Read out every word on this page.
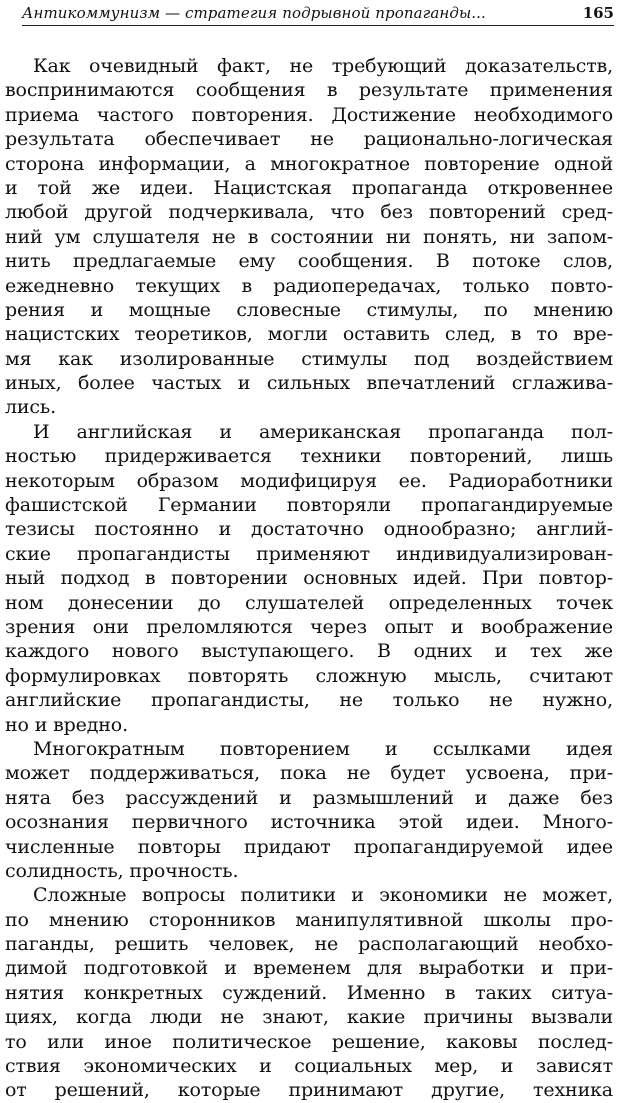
Антикоммунизм — стратегия подрывной пропаганды...	165
Как очевидный факт, не требующий доказательств,
воспринимаются сообщения в результате применения
приема частого повторения. Достижение необходимого
результата обеспечивает не рационально-логическая
сторона информации, а многократное повторение одной
и той же идеи. Нацистская пропаганда откровеннее
любой другой подчеркивала, что без повторений сред-
ний ум слушателя не в состоянии ни понять, ни запом-
нить предлагаемые ему сообщения. В потоке слов,
ежедневно текущих в радиопередачах, только повто-
рения и мощные словесные стимулы, по мнению
нацистских теоретиков, могли оставить след, в то вре-
мя как изолированные стимулы под воздействием
иных, более частых и сильных впечатлений сглажива-
лись.
И английская и американская пропаганда пол-
ностью придерживается техники повторений, лишь
некоторым образом модифицируя ее. Радиоработники
фашистской Германии повторяли пропагандируемые
тезисы постоянно и достаточно однообразно; англий-
ские пропагандисты применяют индивидуализирован-
ный подход в повторении основных идей. При повтор-
ном донесении до слушателей определенных точек
зрения они преломляются через опыт и воображение
каждого нового выступающего. В одних и тех же
формулировках повторять сложную мысль, считают
английские пропагандисты, не только не нужно,
но и вредно.
Многократным повторением и ссылками идея
может поддерживаться, пока не будет усвоена, при-
нята без рассуждений и размышлений и даже без
осознания первичного источника этой идеи. Много-
численные повторы придают пропагандируемой идее
солидность, прочность.
Сложные вопросы политики и экономики не может,
по мнению сторонников манипулятивной школы про-
паганды, решить человек, не располагающий необхо-
димой подготовкой и временем для выработки и при-
нятия конкретных суждений. Именно в таких ситуа-
циях, когда люди не знают, какие причины вызвали
то или иное политическое решение, каковы послед-
ствия экономических и социальных мер, и зависят
от решений, которые принимают другие, техника
